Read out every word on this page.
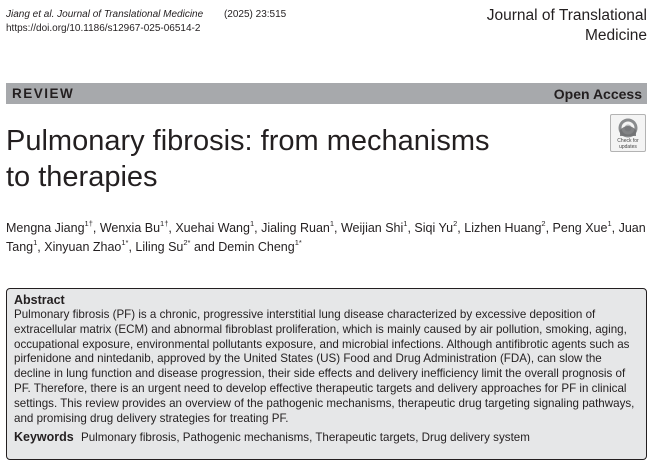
Jiang et al. Journal of Translational Medicine (2025) 23:515
https://doi.org/10.1186/s12967-025-06514-2
Journal of Translational
Medicine
REVIEW	Open Access
Pulmonary fibrosis: from mechanisms
to therapies
Check for
updates
Mengna Jiang$^{1\dagger}$, Wenxia $Bu^{1\dagger}$, Xuehai Wang$^1$, Jialing Ruan$^1$, Weijian Shi$^1$, Siqi Yu$^2$, Lizhen Huang$^2$, Peng Xue$^1$, Juan Tang$^1$, Xinyuan Zhao$^{1*}$, Liling $Su^{2*}$ and Demin Cheng$^{1*}$
Abstract
Pulmonary fibrosis (PF) is a chronic, progressive interstitial lung disease characterized by excessive deposition of extracellular matrix (ECM) and abnormal fibroblast proliferation, which is mainly caused by air pollution, smoking, aging, occupational exposure, environmental pollutants exposure, and microbial infections. Although antifibrotic agents such as pirfenidone and nintedanib, approved by the United States (US) Food and Drug Administration (FDA), can slow the decline in lung function and disease progression, their side effects and delivery inefficiency limit the overall prognosis of PF. Therefore, there is an urgent need to develop effective therapeutic targets and delivery approaches for PF in clinical settings. This review provides an overview of the pathogenic mechanisms, therapeutic drug targeting signaling pathways, and promising drug delivery strategies for treating PF.
Keywords Pulmonary fibrosis, Pathogenic mechanisms, Therapeutic targets, Drug delivery system
